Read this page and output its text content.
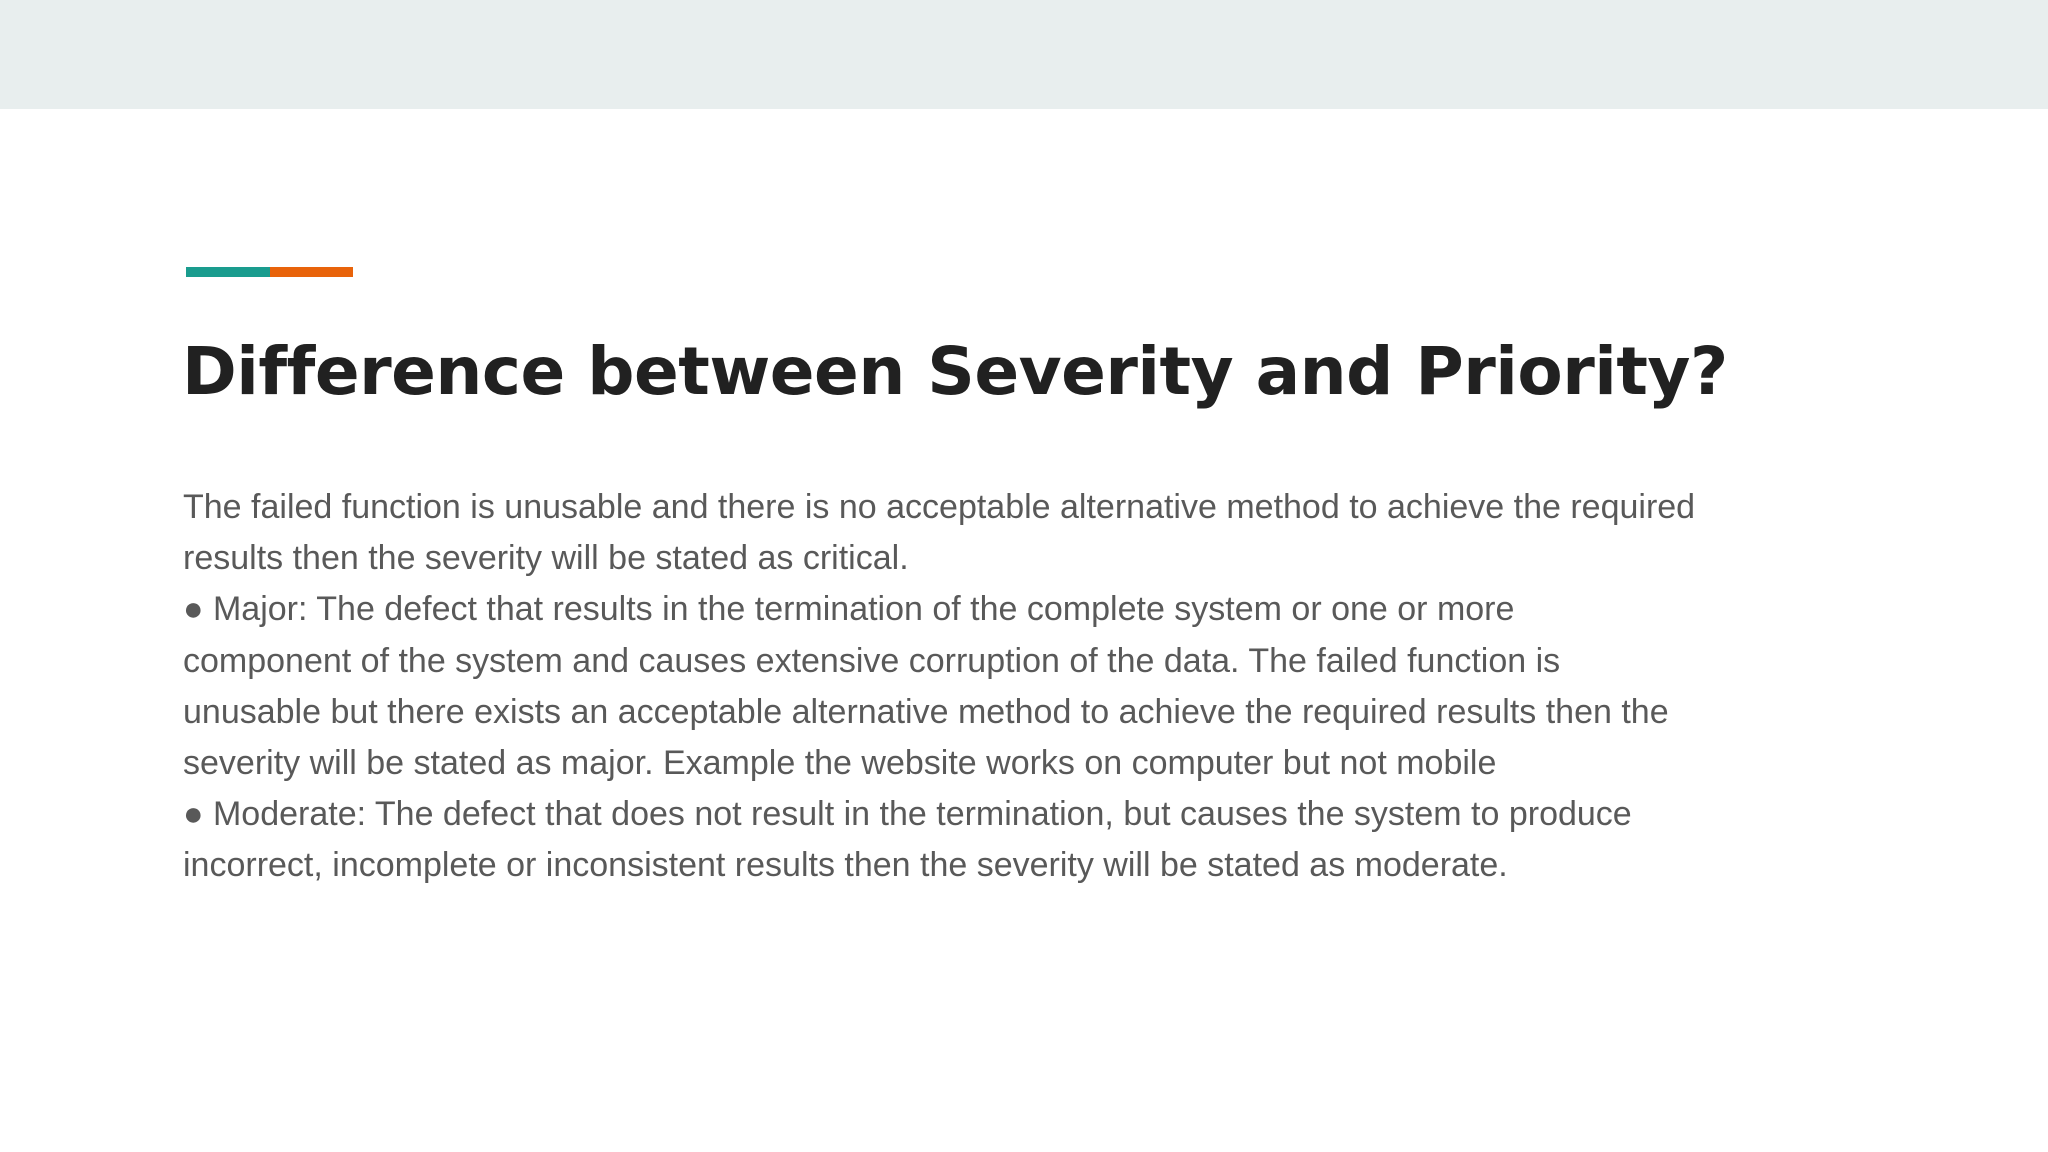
Difference between Severity and Priority?

The failed function is unusable and there is no acceptable alternative method to achieve the required

results then the severity will be stated as critical.

● Major: The defect that results in the termination of the complete system or one or more

component of the system and causes extensive corruption of the data. The failed function is

unusable but there exists an acceptable alternative method to achieve the required results then the

severity will be stated as major. Example the website works on computer but not mobile

● Moderate: The defect that does not result in the termination, but causes the system to produce

incorrect, incomplete or inconsistent results then the severity will be stated as moderate.
